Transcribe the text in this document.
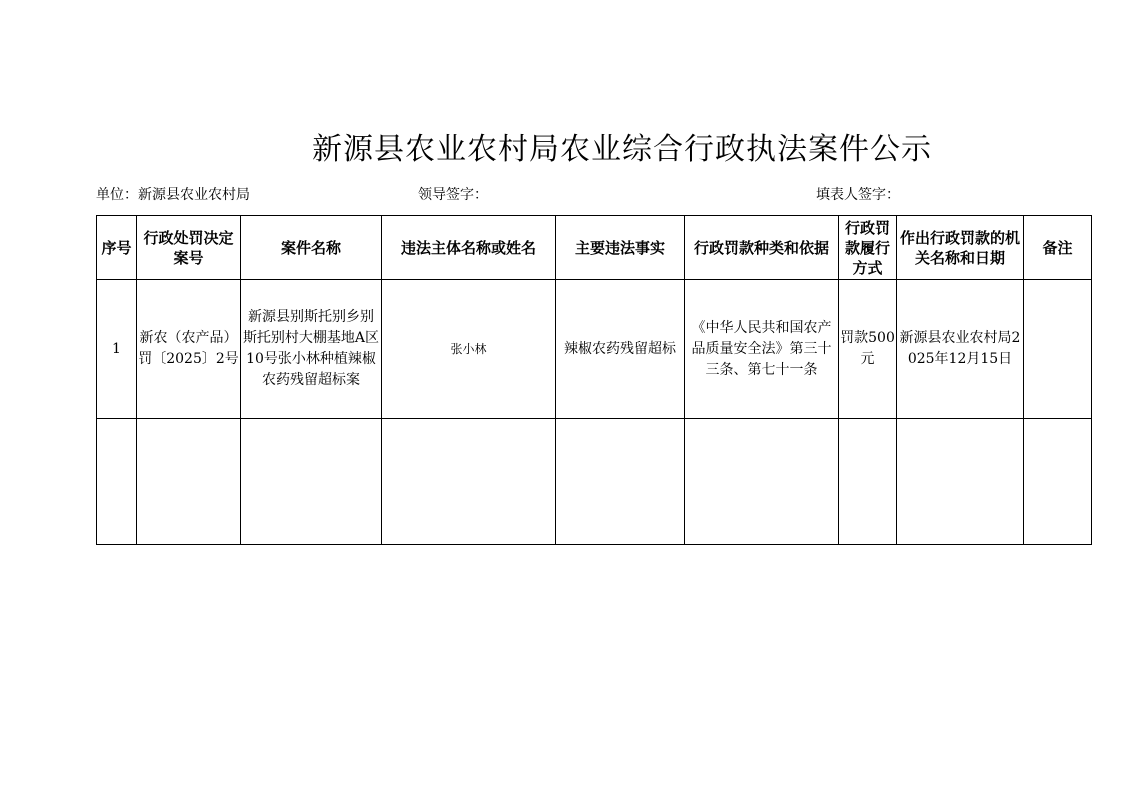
新源县农业农村局农业综合行政执法案件公示
单位：新源县农业农村局	领导签字：	填表人签字：
序号	行政处罚决定案号	案件名称	违法主体名称或姓名	主要违法事实	行政罚款种类和依据	行政罚款履行方式	作出行政罚款的机关名称和日期	备注
1	新农（农产品）罚〔2025〕2号	新源县别斯托别乡别斯托别村大棚基地A区10号张小林种植辣椒农药残留超标案	张小林	辣椒农药残留超标	《中华人民共和国农产品质量安全法》第三十三条、第七十一条	罚款500元	新源县农业农村局2025年12月15日	
